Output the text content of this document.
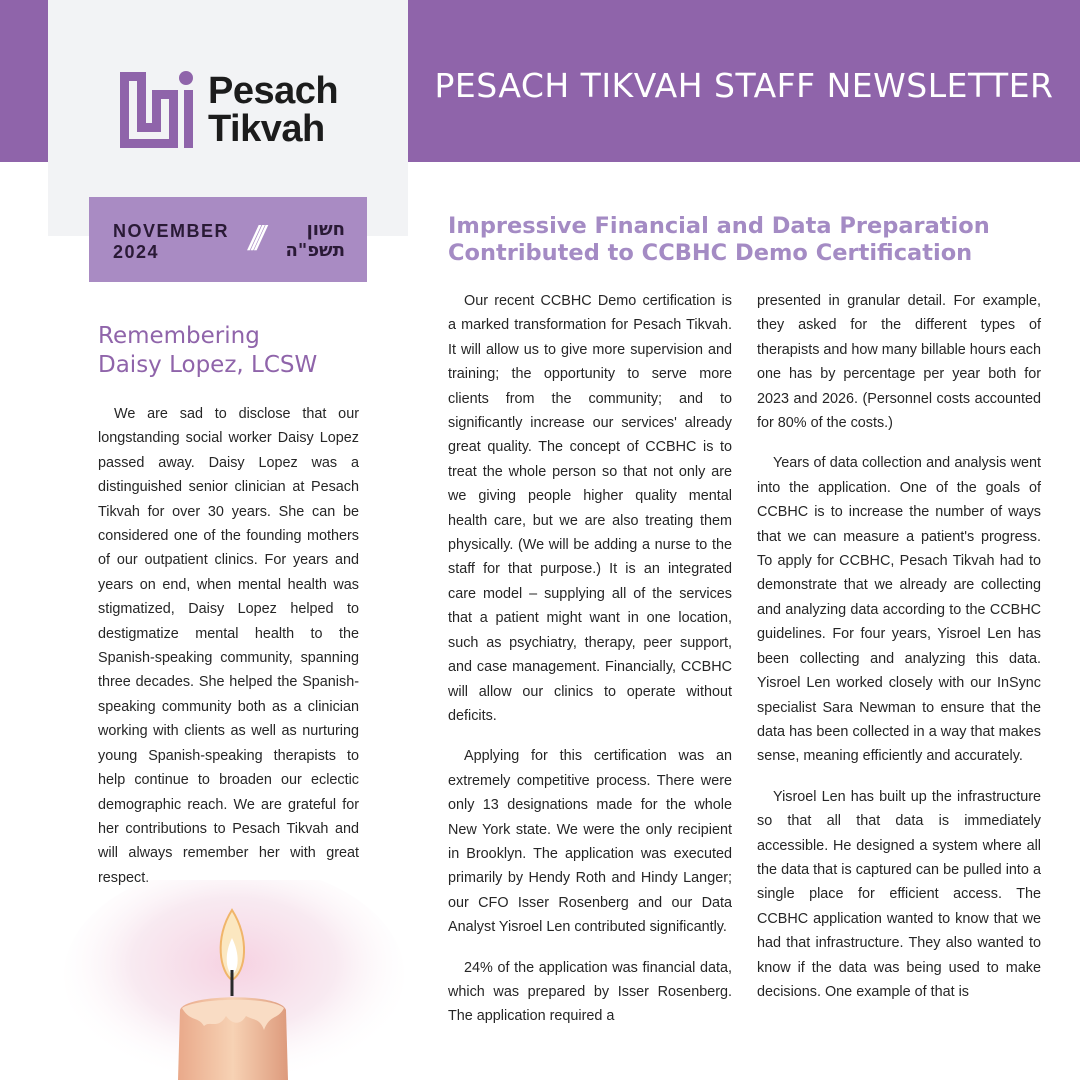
Pesach
Tikvah
PESACH TIKVAH STAFF NEWSLETTER
NOVEMBER
2024	///	חשון
תשפ"ה
Remembering
Daisy Lopez, LCSW

We are sad to disclose that our longstanding social worker Daisy Lopez passed away. Daisy Lopez was a distinguished senior clinician at Pesach Tikvah for over 30 years. She can be considered one of the founding mothers of our outpatient clinics. For years and years on end, when mental health was stigmatized, Daisy Lopez helped to destigmatize mental health to the Spanish-speaking community, spanning three decades. She helped the Spanish-speaking community both as a clinician working with clients as well as nurturing young Spanish-speaking therapists to help continue to broaden our eclectic demographic reach. We are grateful for her contributions to Pesach Tikvah and will always remember her with great respect.

Impressive Financial and Data Preparation
Contributed to CCBHC Demo Certification

Our recent CCBHC Demo certification is a marked transformation for Pesach Tikvah. It will allow us to give more supervision and training; the opportunity to serve more clients from the community; and to significantly increase our services' already great quality. The concept of CCBHC is to treat the whole person so that not only are we giving people higher quality mental health care, but we are also treating them physically. (We will be adding a nurse to the staff for that purpose.) It is an integrated care model – supplying all of the services that a patient might want in one location, such as psychiatry, therapy, peer support, and case management. Financially, CCBHC will allow our clinics to operate without deficits.

Applying for this certification was an extremely competitive process. There were only 13 designations made for the whole New York state. We were the only recipient in Brooklyn. The application was executed primarily by Hendy Roth and Hindy Langer; our CFO Isser Rosenberg and our Data Analyst Yisroel Len contributed significantly.

24% of the application was financial data, which was prepared by Isser Rosenberg. The application required a

presented in granular detail. For example, they asked for the different types of therapists and how many billable hours each one has by percentage per year both for 2023 and 2026. (Personnel costs accounted for 80% of the costs.)

Years of data collection and analysis went into the application. One of the goals of CCBHC is to increase the number of ways that we can measure a patient's progress. To apply for CCBHC, Pesach Tikvah had to demonstrate that we already are collecting and analyzing data according to the CCBHC guidelines. For four years, Yisroel Len has been collecting and analyzing this data. Yisroel Len worked closely with our InSync specialist Sara Newman to ensure that the data has been collected in a way that makes sense, meaning efficiently and accurately.

Yisroel Len has built up the infrastructure so that all that data is immediately accessible. He designed a system where all the data that is captured can be pulled into a single place for efficient access. The CCBHC application wanted to know that we had that infrastructure. They also wanted to know if the data was being used to make decisions. One example of that is
